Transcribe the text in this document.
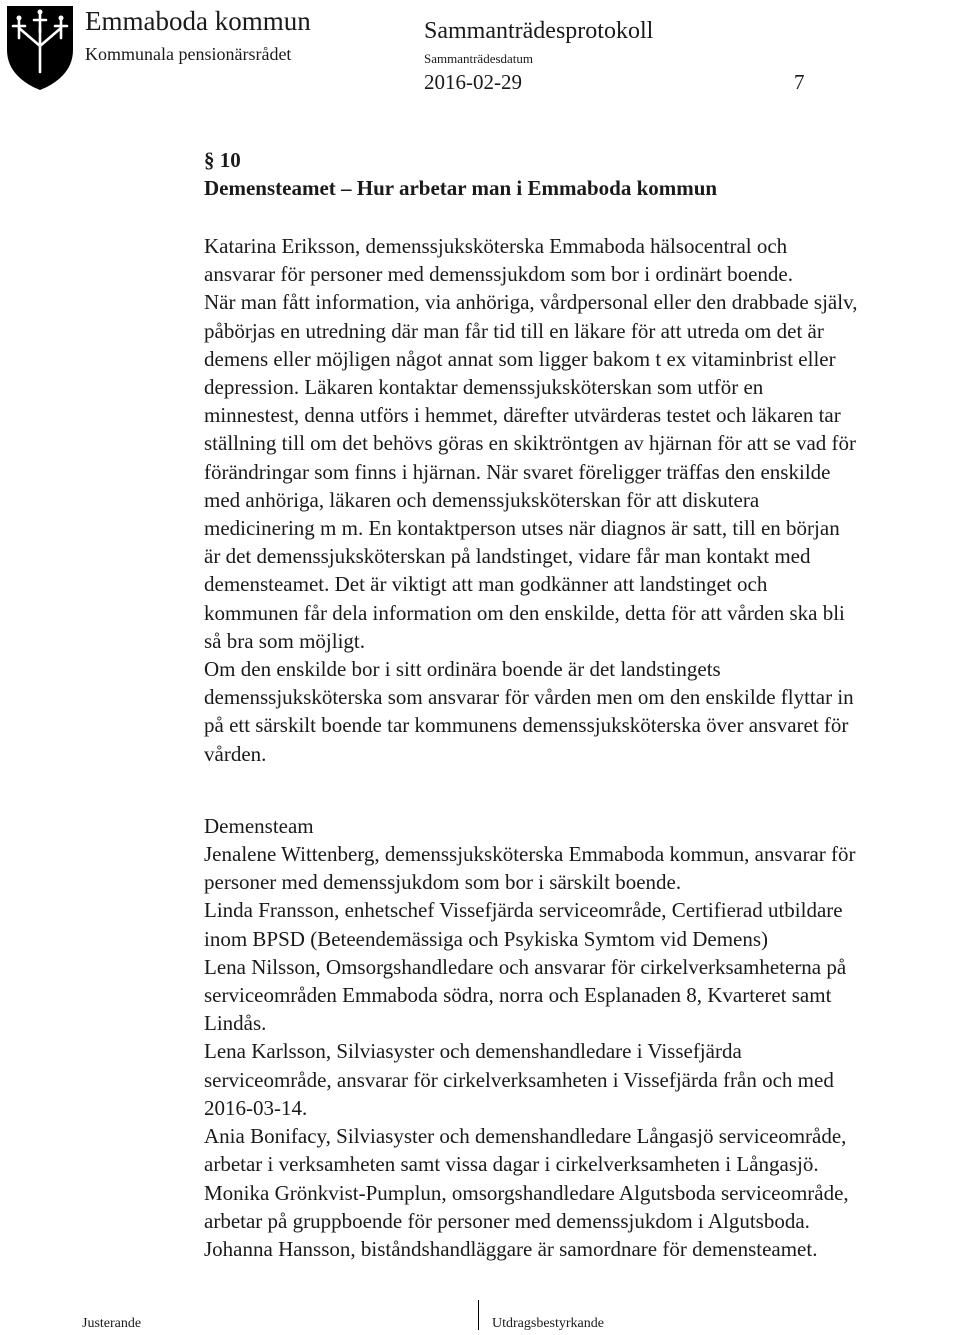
Emmaboda kommun
Kommunala pensionärsrådet
Sammanträdesprotokoll
Sammanträdesdatum
2016-02-29	7
§ 10
Demensteamet – Hur arbetar man i Emmaboda kommun

Katarina Eriksson, demenssjuksköterska Emmaboda hälsocentral och

ansvarar för personer med demenssjukdom som bor i ordinärt boende.

När man fått information, via anhöriga, vårdpersonal eller den drabbade själv,

påbörjas en utredning där man får tid till en läkare för att utreda om det är

demens eller möjligen något annat som ligger bakom t ex vitaminbrist eller

depression. Läkaren kontaktar demenssjuksköterskan som utför en

minnestest, denna utförs i hemmet, därefter utvärderas testet och läkaren tar

ställning till om det behövs göras en skiktröntgen av hjärnan för att se vad för

förändringar som finns i hjärnan. När svaret föreligger träffas den enskilde

med anhöriga, läkaren och demenssjuksköterskan för att diskutera

medicinering m m. En kontaktperson utses när diagnos är satt, till en början

är det demenssjuksköterskan på landstinget, vidare får man kontakt med

demensteamet. Det är viktigt att man godkänner att landstinget och

kommunen får dela information om den enskilde, detta för att vården ska bli

så bra som möjligt.

Om den enskilde bor i sitt ordinära boende är det landstingets

demenssjuksköterska som ansvarar för vården men om den enskilde flyttar in

på ett särskilt boende tar kommunens demenssjuksköterska över ansvaret för

vården.

Demensteam

Jenalene Wittenberg, demenssjuksköterska Emmaboda kommun, ansvarar för

personer med demenssjukdom som bor i särskilt boende.

Linda Fransson, enhetschef Vissefjärda serviceområde, Certifierad utbildare

inom BPSD (Beteendemässiga och Psykiska Symtom vid Demens)

Lena Nilsson, Omsorgshandledare och ansvarar för cirkelverksamheterna på

serviceområden Emmaboda södra, norra och Esplanaden 8, Kvarteret samt

Lindås.

Lena Karlsson, Silviasyster och demenshandledare i Vissefjärda

serviceområde, ansvarar för cirkelverksamheten i Vissefjärda från och med

2016-03-14.

Ania Bonifacy, Silviasyster och demenshandledare Långasjö serviceområde,

arbetar i verksamheten samt vissa dagar i cirkelverksamheten i Långasjö.

Monika Grönkvist-Pumplun, omsorgshandledare Algutsboda serviceområde,

arbetar på gruppboende för personer med demenssjukdom i Algutsboda.

Johanna Hansson, biståndshandläggare är samordnare för demensteamet.

Justerande	Utdragsbestyrkande
